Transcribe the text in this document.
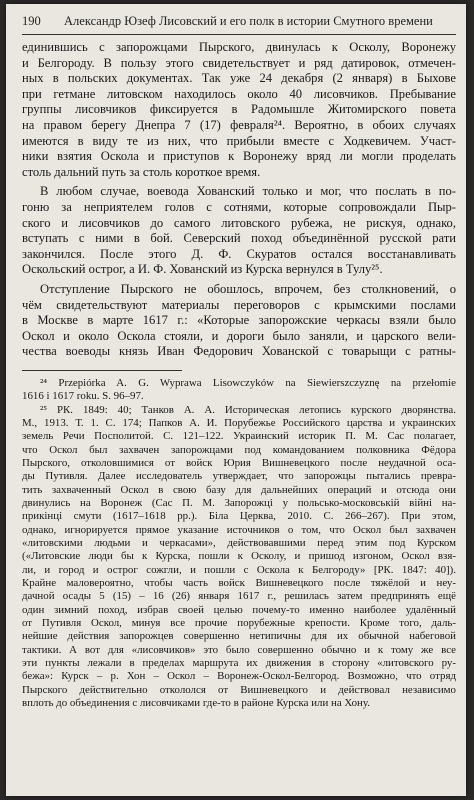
190 Александр Юзеф Лисовский и его полк в истории Смутного времени
единившись с запорожцами Пырского, двинулась к Осколу, Воронежу
и Белгороду. В пользу этого свидетельствует и ряд датировок, отмечен-
ных в польских документах. Так уже 24 декабря (2 января) в Быхове
при гетмане литовском находилось около 40 лисовчиков. Пребывание
группы лисовчиков фиксируется в Радомышле Житомирского повета
на правом берегу Днепра 7 (17) февраля²⁴. Вероятно, в обоих случаях
имеются в виду те из них, что прибыли вместе с Ходкевичем. Участ-
ники взятия Оскола и приступов к Воронежу вряд ли могли проделать
столь дальний путь за столь короткое время.
В любом случае, воевода Хованский только и мог, что послать в по-
гоню за неприятелем голов с сотнями, которые сопровождали Пыр-
ского и лисовчиков до самого литовского рубежа, не рискуя, однако,
вступать с ними в бой. Северский поход объединённой русской рати
закончился. После этого Д. Ф. Скуратов остался восстанавливать
Оскольский острог, а И. Ф. Хованский из Курска вернулся в Тулу²⁵.
Отступление Пырского не обошлось, впрочем, без столкновений, о
чём свидетельствуют материалы переговоров с крымскими послами
в Москве в марте 1617 г.: «Которые запорожские черкасы взяли было
Оскол и около Оскола стояли, и дороги было заняли, и царского вели-
чества воеводы князь Иван Федорович Хованской с товарыщи с ратны-
²⁴ Przepiórka A. G. Wyprawa Lisowczyków na Siewierszczyznę na przełomie
1616 i 1617 roku. S. 96–97.
²⁵ РК. 1849: 40; Танков А. А. Историческая летопись курского дворянства.
М., 1913. Т. 1. С. 174; Папков А. И. Порубежье Российского царства и украинских
земель Речи Посполитой. С. 121–122. Украинский историк П. М. Сас полагает,
что Оскол был захвачен запорожцами под командованием полковника Фёдора
Пырского, отколовшимися от войск Юрия Вишневецкого после неудачной оса-
ды Путивля. Далее исследователь утверждает, что запорожцы пытались превра-
тить захваченный Оскол в свою базу для дальнейших операций и отсюда они
двинулись на Воронеж (Сас П. М. Запорожці у польсько-московській війні на-
прикінці смути (1617–1618 рр.). Біла Церква, 2010. С. 266–267). При этом,
однако, игнорируется прямое указание источников о том, что Оскол был захвачен
«литовскими людьми и черкасами», действовавшими перед этим под Курском
(«Литовские люди бы к Курска, пошли к Осколу, и пришод изгоном, Оскол взя-
ли, и город и острог сожгли, и пошли с Оскола к Белгороду» [РК. 1847: 40]).
Крайне маловероятно, чтобы часть войск Вишневецкого после тяжёлой и неу-
дачной осады 5 (15) – 16 (26) января 1617 г., решилась затем предпринять ещё
один зимний поход, избрав своей целью почему-то именно наиболее удалённый
от Путивля Оскол, минуя все прочие порубежные крепости. Кроме того, даль-
нейшие действия запорожцев совершенно нетипичны для их обычной набеговой
тактики. А вот для «лисовчиков» это было совершенно обычно и к тому же все
эти пункты лежали в пределах маршрута их движения в сторону «литовского ру-
бежа»: Курск – р. Хон – Оскол – Воронеж-Оскол-Белгород. Возможно, что отряд
Пырского действительно откололся от Вишневецкого и действовал независимо
вплоть до объединения с лисовчиками где-то в районе Курска или на Хону.
